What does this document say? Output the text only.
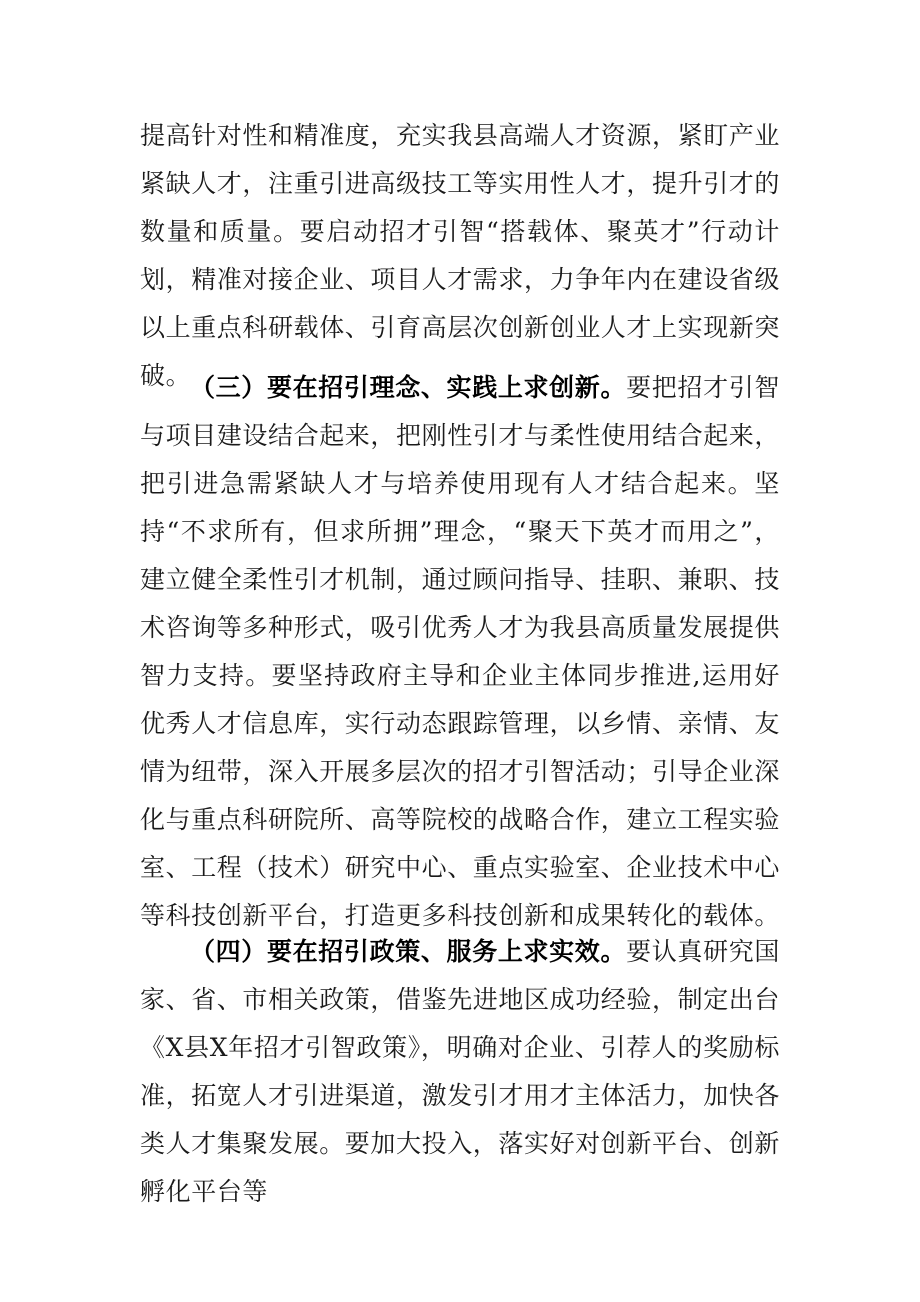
提高针对性和精准度，充实我县高端人才资源，紧盯产业紧缺人才，注重引进高级技工等实用性人才，提升引才的数量和质量。要启动招才引智“搭载体、聚英才”行动计划，精准对接企业、项目人才需求，力争年内在建设省级以上重点科研载体、引育高层次创新创业人才上实现新突破。

（三）要在招引理念、实践上求创新。要把招才引智与项目建设结合起来，把刚性引才与柔性使用结合起来，把引进急需紧缺人才与培养使用现有人才结合起来。坚持“不求所有，但求所拥”理念，“聚天下英才而用之”，建立健全柔性引才机制，通过顾问指导、挂职、兼职、技术咨询等多种形式，吸引优秀人才为我县高质量发展提供智力支持。要坚持政府主导和企业主体同步推进,运用好优秀人才信息库，实行动态跟踪管理，以乡情、亲情、友情为纽带，深入开展多层次的招才引智活动；引导企业深化与重点科研院所、高等院校的战略合作，建立工程实验室、工程（技术）研究中心、重点实验室、企业技术中心等科技创新平台，打造更多科技创新和成果转化的载体。

（四）要在招引政策、服务上求实效。要认真研究国家、省、市相关政策，借鉴先进地区成功经验，制定出台《X县X年招才引智政策》，明确对企业、引荐人的奖励标准，拓宽人才引进渠道，激发引才用才主体活力，加快各类人才集聚发展。要加大投入，落实好对创新平台、创新孵化平台等
